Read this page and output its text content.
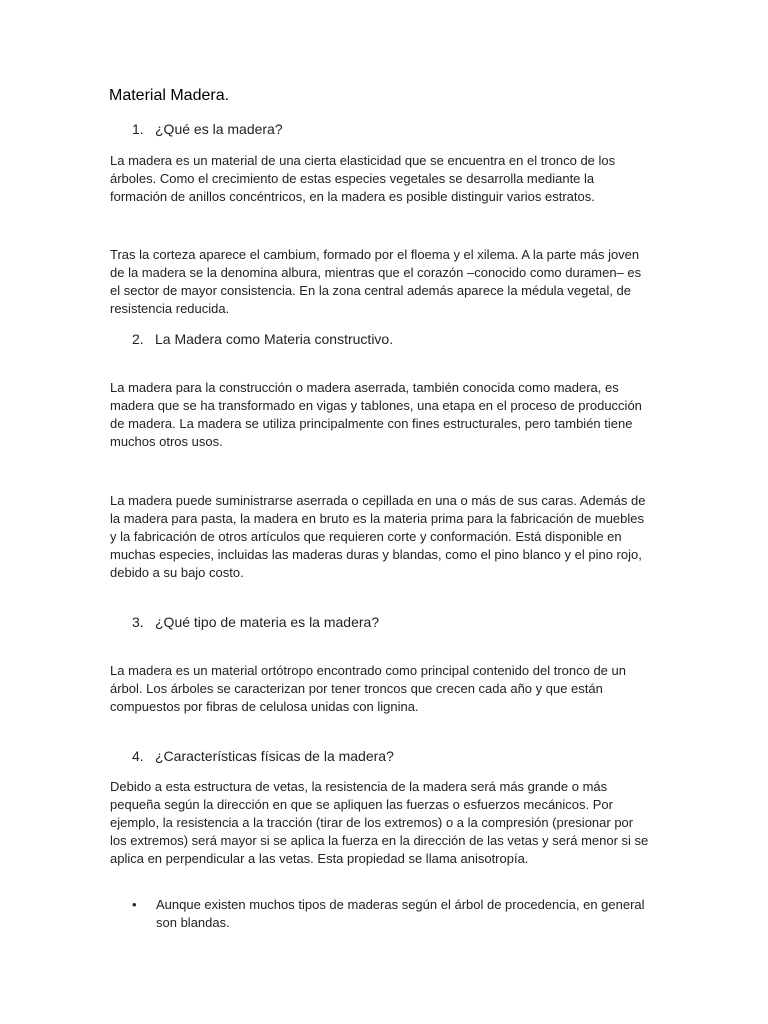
Material Madera.
1. ¿Qué es la madera?

La madera es un material de una cierta elasticidad que se encuentra en el tronco de los árboles. Como el crecimiento de estas especies vegetales se desarrolla mediante la formación de anillos concéntricos, en la madera es posible distinguir varios estratos.

Tras la corteza aparece el cambium, formado por el floema y el xilema. A la parte más joven de la madera se la denomina albura, mientras que el corazón –conocido como duramen– es el sector de mayor consistencia. En la zona central además aparece la médula vegetal, de resistencia reducida.

2. La Madera como Materia constructivo.

La madera para la construcción o madera aserrada, también conocida como madera, es madera que se ha transformado en vigas y tablones, una etapa en el proceso de producción de madera. La madera se utiliza principalmente con fines estructurales, pero también tiene muchos otros usos.

La madera puede suministrarse aserrada o cepillada en una o más de sus caras. Además de la madera para pasta, la madera en bruto es la materia prima para la fabricación de muebles y la fabricación de otros artículos que requieren corte y conformación. Está disponible en muchas especies, incluidas las maderas duras y blandas, como el pino blanco y el pino rojo, debido a su bajo costo.

3. ¿Qué tipo de materia es la madera?

La madera es un material ortótropo encontrado como principal contenido del tronco de un árbol. Los árboles se caracterizan por tener troncos que crecen cada año y que están compuestos por fibras de celulosa unidas con lignina.

4. ¿Características físicas de la madera?

Debido a esta estructura de vetas, la resistencia de la madera será más grande o más pequeña según la dirección en que se apliquen las fuerzas o esfuerzos mecánicos. Por ejemplo, la resistencia a la tracción (tirar de los extremos) o a la compresión (presionar por los extremos) será mayor si se aplica la fuerza en la dirección de las vetas y será menor si se aplica en perpendicular a las vetas. Esta propiedad se llama anisotropía.

•	Aunque existen muchos tipos de maderas según el árbol de procedencia, en general son blandas.
